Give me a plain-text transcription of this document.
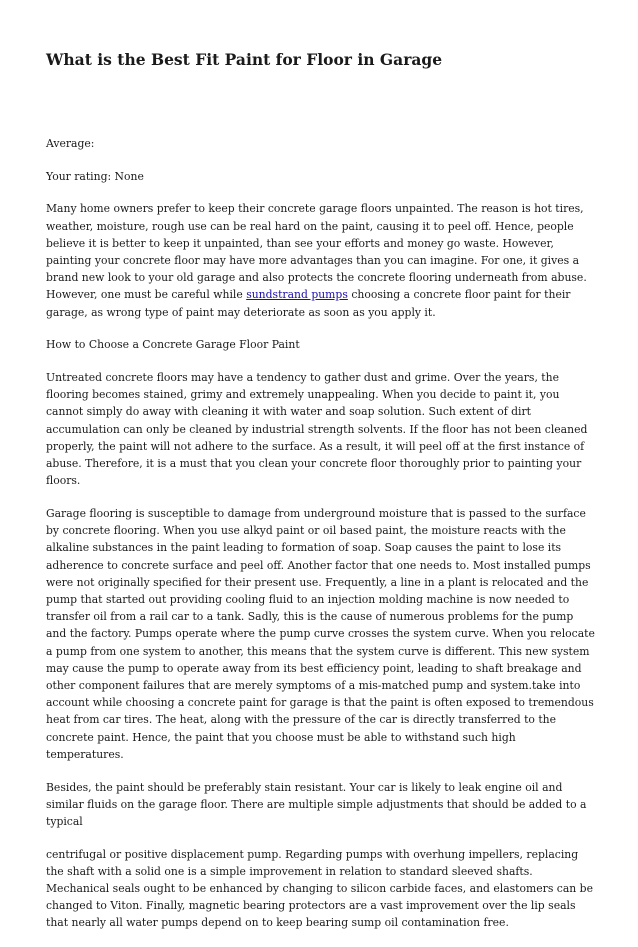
What is the Best Fit Paint for Floor in Garage

Average:

Your rating: None

Many home owners prefer to keep their concrete garage floors unpainted. The reason is hot tires, weather, moisture, rough use can be real hard on the paint, causing it to peel off. Hence, people believe it is better to keep it unpainted, than see your efforts and money go waste. However, painting your concrete floor may have more advantages than you can imagine. For one, it gives a brand new look to your old garage and also protects the concrete flooring underneath from abuse. However, one must be careful while sundstrand pumps choosing a concrete floor paint for their garage, as wrong type of paint may deteriorate as soon as you apply it.

How to Choose a Concrete Garage Floor Paint

Untreated concrete floors may have a tendency to gather dust and grime. Over the years, the flooring becomes stained, grimy and extremely unappealing. When you decide to paint it, you cannot simply do away with cleaning it with water and soap solution. Such extent of dirt accumulation can only be cleaned by industrial strength solvents. If the floor has not been cleaned properly, the paint will not adhere to the surface. As a result, it will peel off at the first instance of abuse. Therefore, it is a must that you clean your concrete floor thoroughly prior to painting your floors.

Garage flooring is susceptible to damage from underground moisture that is passed to the surface by concrete flooring. When you use alkyd paint or oil based paint, the moisture reacts with the alkaline substances in the paint leading to formation of soap. Soap causes the paint to lose its adherence to concrete surface and peel off. Another factor that one needs to. Most installed pumps were not originally specified for their present use. Frequently, a line in a plant is relocated and the pump that started out providing cooling fluid to an injection molding machine is now needed to transfer oil from a rail car to a tank. Sadly, this is the cause of numerous problems for the pump and the factory. Pumps operate where the pump curve crosses the system curve. When you relocate a pump from one system to another, this means that the system curve is different. This new system may cause the pump to operate away from its best efficiency point, leading to shaft breakage and other component failures that are merely symptoms of a mis-matched pump and system.take into account while choosing a concrete paint for garage is that the paint is often exposed to tremendous heat from car tires. The heat, along with the pressure of the car is directly transferred to the concrete paint. Hence, the paint that you choose must be able to withstand such high temperatures.

Besides, the paint should be preferably stain resistant. Your car is likely to leak engine oil and similar fluids on the garage floor. There are multiple simple adjustments that should be added to a typical

centrifugal or positive displacement pump. Regarding pumps with overhung impellers, replacing the shaft with a solid one is a simple improvement in relation to standard sleeved shafts. Mechanical seals ought to be enhanced by changing to silicon carbide faces, and elastomers can be changed to Viton. Finally, magnetic bearing protectors are a vast improvement over the lip seals that nearly all water pumps depend on to keep bearing sump oil contamination free.
